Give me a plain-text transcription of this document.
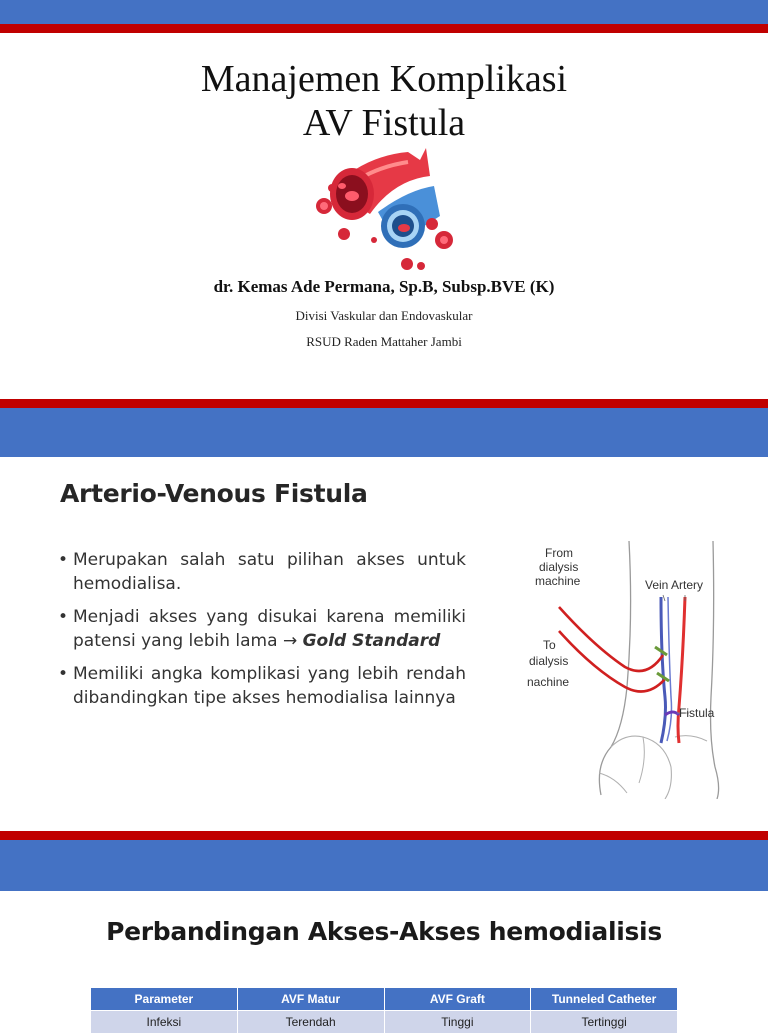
Manajemen Komplikasi
AV Fistula
dr. Kemas Ade Permana, Sp.B, Subsp.BVE (K)
Divisi Vaskular dan Endovaskular
RSUD Raden Mattaher Jambi
Arterio-Venous Fistula
• Merupakan salah satu pilihan akses untuk hemodialisa.
• Menjadi akses yang disukai karena memiliki patensi yang lebih lama → Gold Standard
• Memiliki angka komplikasi yang lebih rendah dibandingkan tipe akses hemodialisa lainnya
From
dialysis
machine	Vein Artery
To
dialysis
nachine
Fistula
Perbandingan Akses-Akses hemodialisis
Parameter	AVF Matur	AVF Graft	Tunneled Catheter
Infeksi	Terendah	Tinggi	Tertinggi
